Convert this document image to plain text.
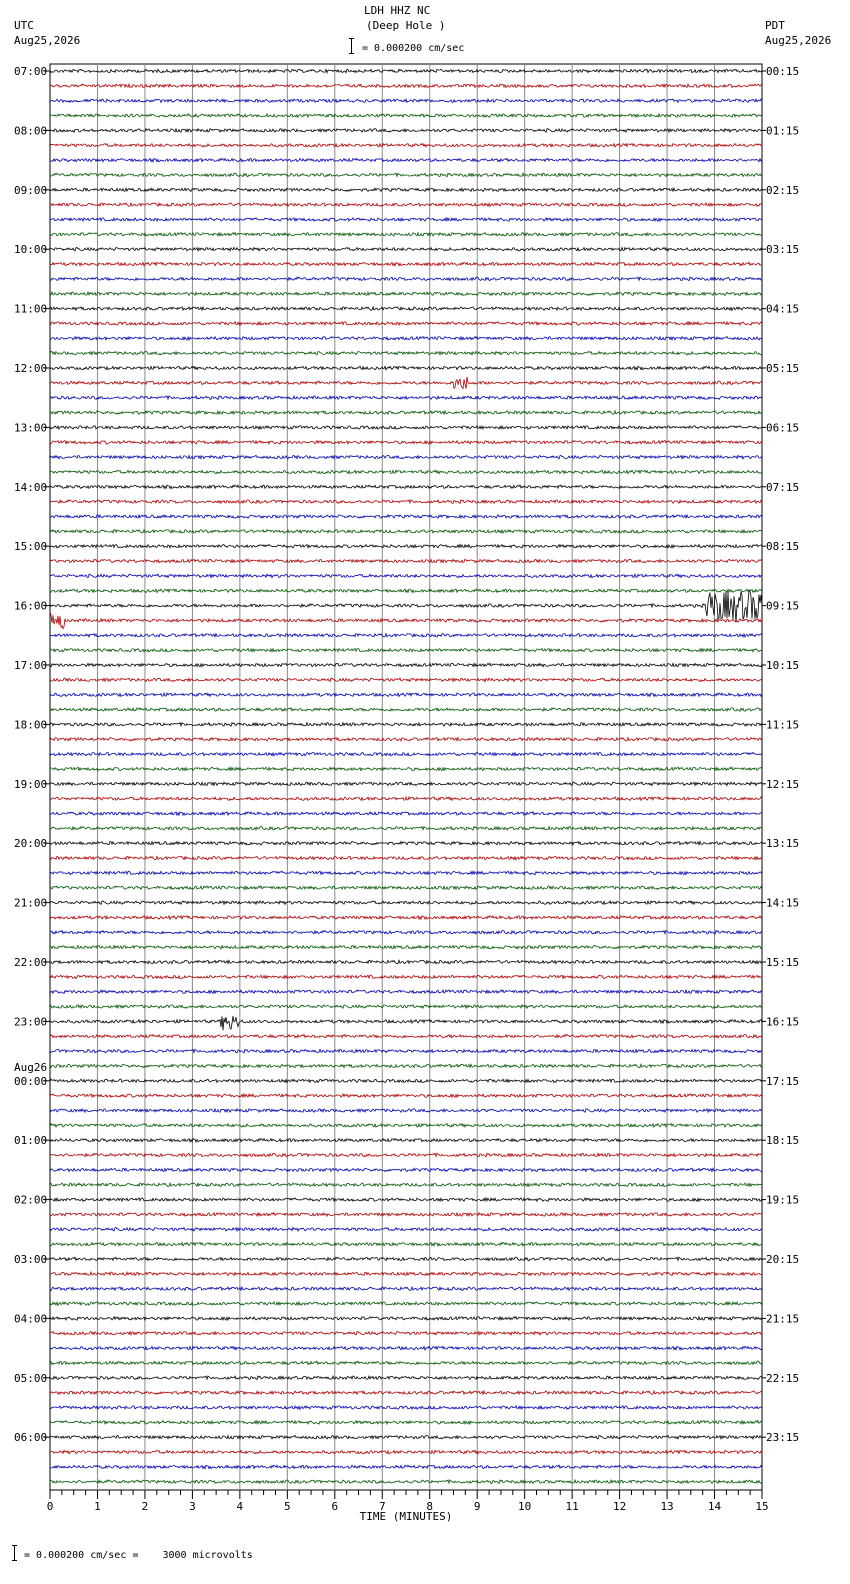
LDH HHZ NC
(Deep Hole )
UTC
Aug25,2026
PDT
Aug25,2026
= 0.000200 cm/sec
0	1	2	3	4	5	6	7	8	9	10	11	12	13	14	15
TIME (MINUTES)
07:00
08:00
09:00
10:00
11:00
12:00
13:00
14:00
15:00
16:00
17:00
18:00
19:00
20:00
21:00
22:00
23:00
00:00
01:00
02:00
03:00
04:00
05:00
06:00
Aug26
00:15
01:15
02:15
03:15
04:15
05:15
06:15
07:15
08:15
09:15
10:15
11:15
12:15
13:15
14:15
15:15
16:15
17:15
18:15
19:15
20:15
21:15
22:15
23:15
= 0.000200 cm/sec =    3000 microvolts
